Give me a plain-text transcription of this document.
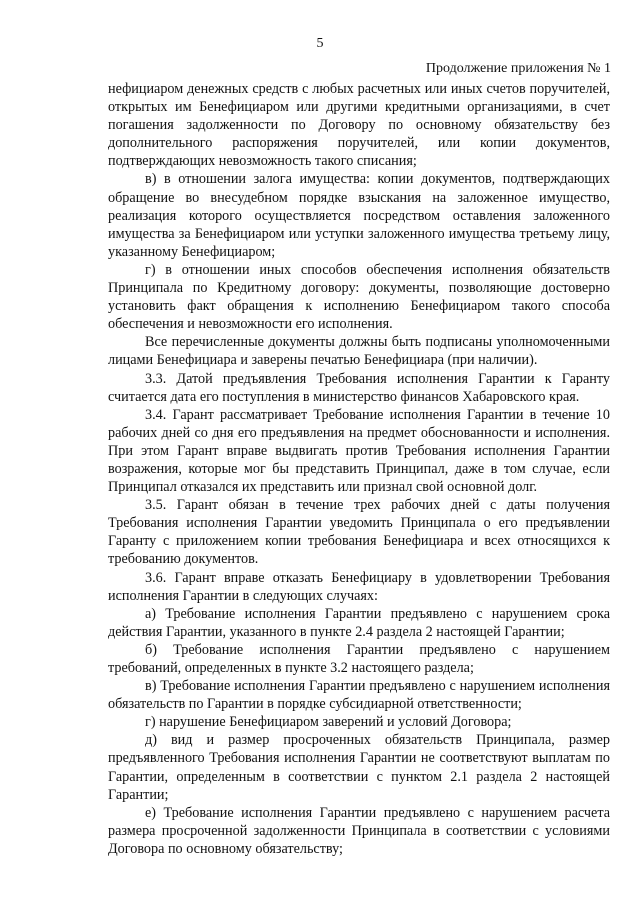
5
Продолжение приложения № 1

нефициаром денежных средств с любых расчетных или иных счетов поручителей, открытых им Бенефициаром или другими кредитными организациями, в счет погашения задолженности по Договору по основному обязательству без дополнительного распоряжения поручителей, или копии документов, подтверждающих невозможность такого списания;

в) в отношении залога имущества: копии документов, подтверждающих обращение во внесудебном порядке взыскания на заложенное имущество, реализация которого осуществляется посредством оставления заложенного имущества за Бенефициаром или уступки заложенного имущества третьему лицу, указанному Бенефициаром;

г) в отношении иных способов обеспечения исполнения обязательств Принципала по Кредитному договору: документы, позволяющие достоверно установить факт обращения к исполнению Бенефициаром такого способа обеспечения и невозможности его исполнения.

Все перечисленные документы должны быть подписаны уполномоченными лицами Бенефициара и заверены печатью Бенефициара (при наличии).

3.3. Датой предъявления Требования исполнения Гарантии к Гаранту считается дата его поступления в министерство финансов Хабаровского края.

3.4. Гарант рассматривает Требование исполнения Гарантии в течение 10 рабочих дней со дня его предъявления на предмет обоснованности и исполнения. При этом Гарант вправе выдвигать против Требования исполнения Гарантии возражения, которые мог бы представить Принципал, даже в том случае, если Принципал отказался их представить или признал свой основной долг.

3.5. Гарант обязан в течение трех рабочих дней с даты получения Требования исполнения Гарантии уведомить Принципала о его предъявлении Гаранту с приложением копии требования Бенефициара и всех относящихся к требованию документов.

3.6. Гарант вправе отказать Бенефициару в удовлетворении Требования исполнения Гарантии в следующих случаях:

а) Требование исполнения Гарантии предъявлено с нарушением срока действия Гарантии, указанного в пункте 2.4 раздела 2 настоящей Гарантии;

б) Требование исполнения Гарантии предъявлено с нарушением требований, определенных в пункте 3.2 настоящего раздела;

в) Требование исполнения Гарантии предъявлено с нарушением исполнения обязательств по Гарантии в порядке субсидиарной ответственности;

г) нарушение Бенефициаром заверений и условий Договора;

д) вид и размер просроченных обязательств Принципала, размер предъявленного Требования исполнения Гарантии не соответствуют выплатам по Гарантии, определенным в соответствии с пунктом 2.1 раздела 2 настоящей Гарантии;

е) Требование исполнения Гарантии предъявлено с нарушением расчета размера просроченной задолженности Принципала в соответствии с условиями Договора по основному обязательству;
